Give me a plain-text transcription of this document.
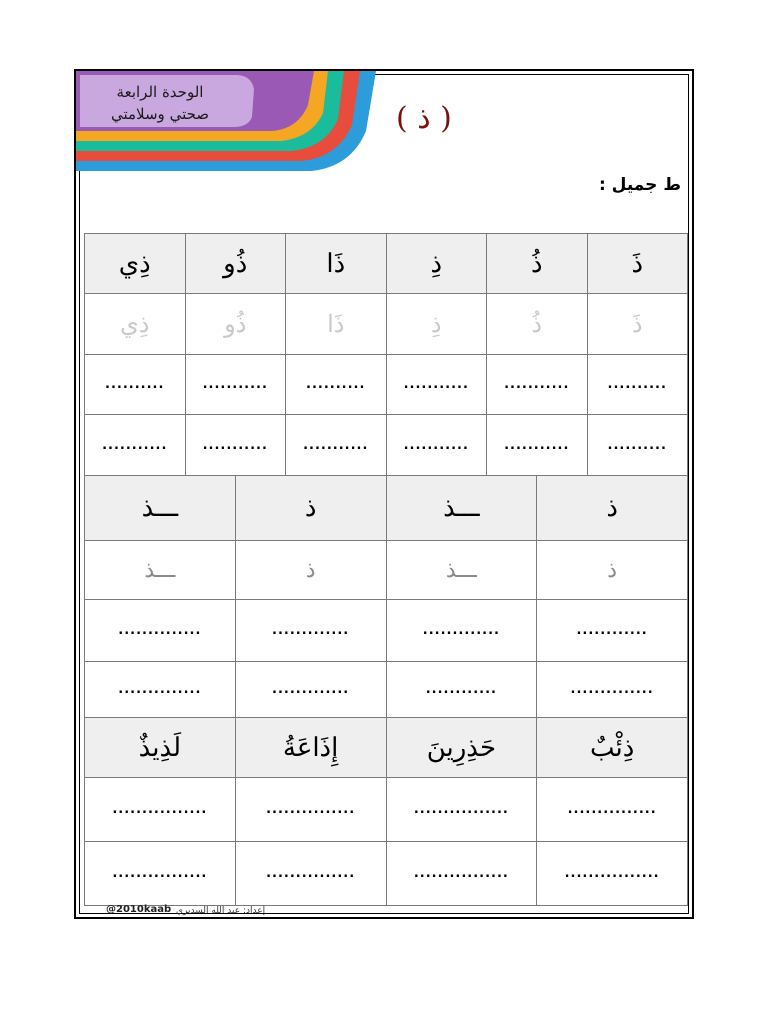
الوحدة الرابعة
صحتي وسلامتي	( ذ )
ط جميل :
ذَ	ذُ	ذِ	ذَا	ذُو	ذِي
ذَ	ذُ	ذِ	ذَا	ذُو	ذِي
..........	...........	...........	..........	...........	..........
..........	...........	...........	...........	...........	...........
ذ	ـــذ	ذ	ـــذ
ذ	ـــذ	ذ	ـــذ
............	.............	.............	..............
..............	............	.............	..............
ذِئْبٌ	حَذِرِينَ	إِذَاعَةُ	لَذِيذٌ
...............	................	...............	................
................	................	...............	................
إعداد: عبد الله السديري
@2010kaab
